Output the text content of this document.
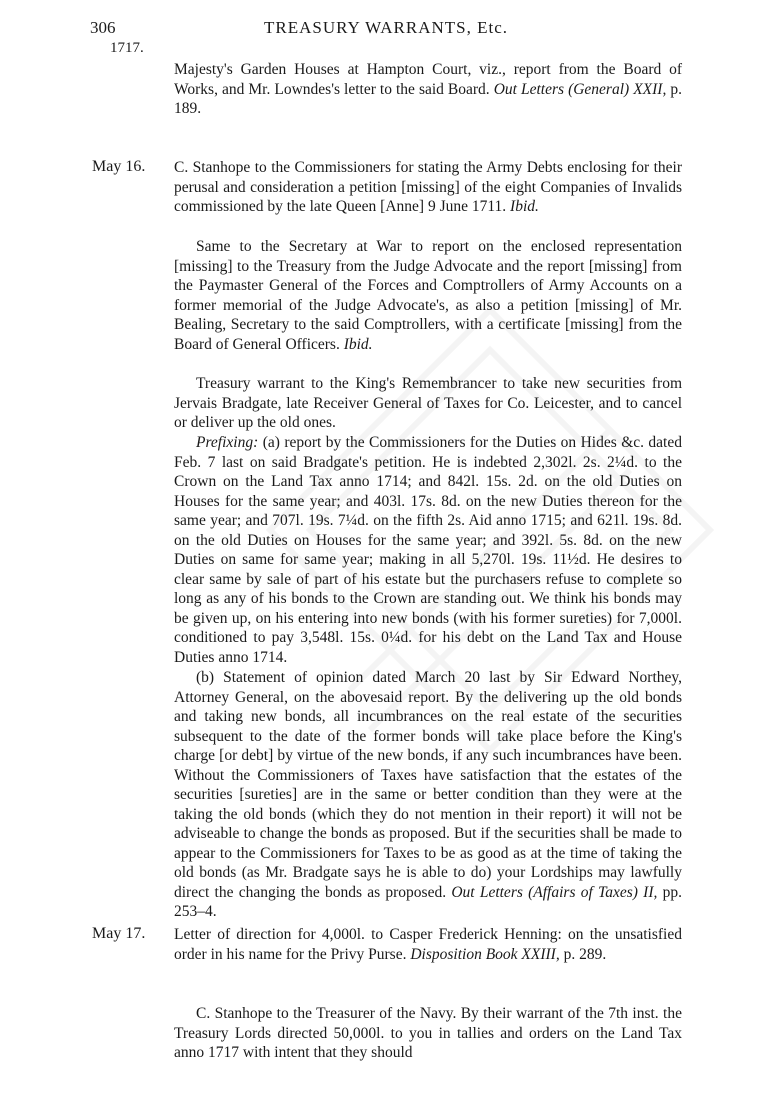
306	TREASURY WARRANTS, Etc.
1717.
Majesty's Garden Houses at Hampton Court, viz., report from the Board of Works, and Mr. Lowndes's letter to the said Board. Out Letters (General) XXII, p. 189.
May 16. C. Stanhope to the Commissioners for stating the Army Debts enclosing for their perusal and consideration a petition [missing] of the eight Companies of Invalids commissioned by the late Queen [Anne] 9 June 1711. Ibid.
Same to the Secretary at War to report on the enclosed representation [missing] to the Treasury from the Judge Advocate and the report [missing] from the Paymaster General of the Forces and Comptrollers of Army Accounts on a former memorial of the Judge Advocate's, as also a petition [missing] of Mr. Bealing, Secretary to the said Comptrollers, with a certificate [missing] from the Board of General Officers. Ibid.
Treasury warrant to the King's Remembrancer to take new securities from Jervais Bradgate, late Receiver General of Taxes for Co. Leicester, and to cancel or deliver up the old ones.
Prefixing: (a) report by the Commissioners for the Duties on Hides &c. dated Feb. 7 last on said Bradgate's petition. He is indebted 2,302l. 2s. 2¼d. to the Crown on the Land Tax anno 1714; and 842l. 15s. 2d. on the old Duties on Houses for the same year; and 403l. 17s. 8d. on the new Duties thereon for the same year; and 707l. 19s. 7¼d. on the fifth 2s. Aid anno 1715; and 621l. 19s. 8d. on the old Duties on Houses for the same year; and 392l. 5s. 8d. on the new Duties on same for same year; making in all 5,270l. 19s. 11½d. He desires to clear same by sale of part of his estate but the purchasers refuse to complete so long as any of his bonds to the Crown are standing out. We think his bonds may be given up, on his entering into new bonds (with his former sureties) for 7,000l. conditioned to pay 3,548l. 15s. 0¼d. for his debt on the Land Tax and House Duties anno 1714.
(b) Statement of opinion dated March 20 last by Sir Edward Northey, Attorney General, on the abovesaid report. By the delivering up the old bonds and taking new bonds, all incumbrances on the real estate of the securities subsequent to the date of the former bonds will take place before the King's charge [or debt] by virtue of the new bonds, if any such incumbrances have been. Without the Commissioners of Taxes have satisfaction that the estates of the securities [sureties] are in the same or better condition than they were at the taking the old bonds (which they do not mention in their report) it will not be adviseable to change the bonds as proposed. But if the securities shall be made to appear to the Commissioners for Taxes to be as good as at the time of taking the old bonds (as Mr. Bradgate says he is able to do) your Lordships may lawfully direct the changing the bonds as proposed. Out Letters (Affairs of Taxes) II, pp. 253–4.
May 17. Letter of direction for 4,000l. to Casper Frederick Henning: on the unsatisfied order in his name for the Privy Purse. Disposition Book XXIII, p. 289.
C. Stanhope to the Treasurer of the Navy. By their warrant of the 7th inst. the Treasury Lords directed 50,000l. to you in tallies and orders on the Land Tax anno 1717 with intent that they should
